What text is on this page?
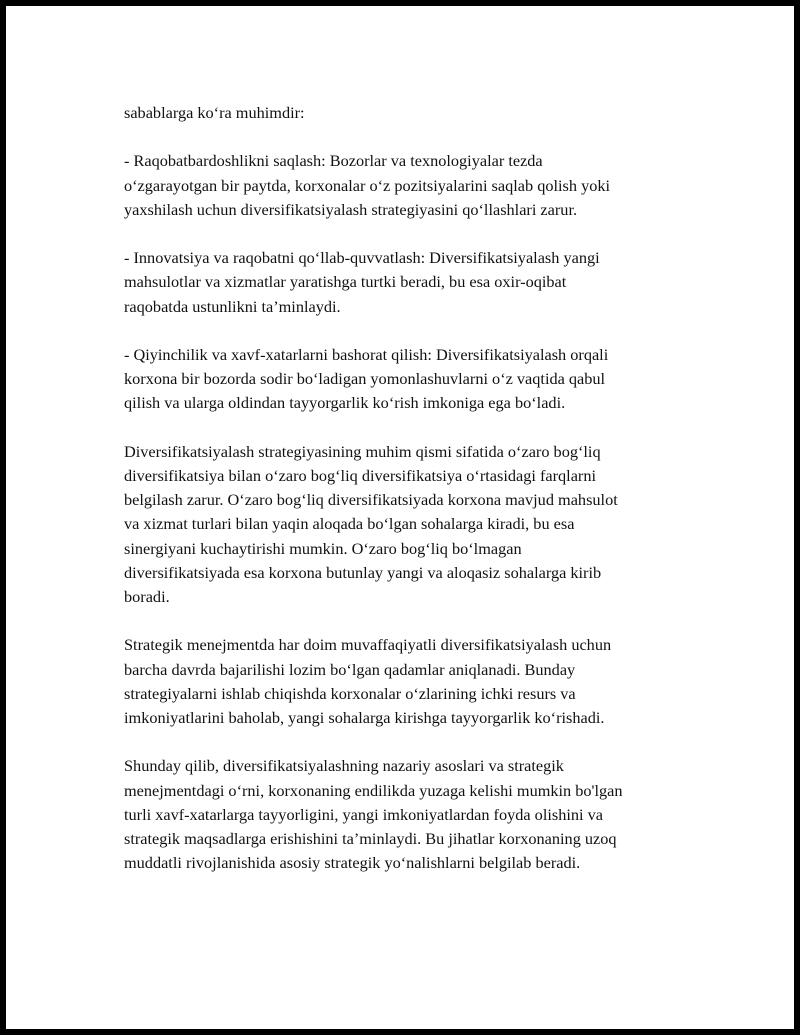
sabablarga ko‘ra muhimdir:

- Raqobatbardoshlikni saqlash: Bozorlar va texnologiyalar tezda
o‘zgarayotgan bir paytda, korxonalar o‘z pozitsiyalarini saqlab qolish yoki
yaxshilash uchun diversifikatsiyalash strategiyasini qo‘llashlari zarur.

- Innovatsiya va raqobatni qo‘llab-quvvatlash: Diversifikatsiyalash yangi
mahsulotlar va xizmatlar yaratishga turtki beradi, bu esa oxir-oqibat
raqobatda ustunlikni ta’minlaydi.

- Qiyinchilik va xavf-xatarlarni bashorat qilish: Diversifikatsiyalash orqali
korxona bir bozorda sodir bo‘ladigan yomonlashuvlarni o‘z vaqtida qabul
qilish va ularga oldindan tayyorgarlik ko‘rish imkoniga ega bo‘ladi.

Diversifikatsiyalash strategiyasining muhim qismi sifatida o‘zaro bog‘liq
diversifikatsiya bilan o‘zaro bog‘liq diversifikatsiya o‘rtasidagi farqlarni
belgilash zarur. O‘zaro bog‘liq diversifikatsiyada korxona mavjud mahsulot
va xizmat turlari bilan yaqin aloqada bo‘lgan sohalarga kiradi, bu esa
sinergiyani kuchaytirishi mumkin. O‘zaro bog‘liq bo‘lmagan
diversifikatsiyada esa korxona butunlay yangi va aloqasiz sohalarga kirib
boradi.

Strategik menejmentda har doim muvaffaqiyatli diversifikatsiyalash uchun
barcha davrda bajarilishi lozim bo‘lgan qadamlar aniqlanadi. Bunday
strategiyalarni ishlab chiqishda korxonalar o‘zlarining ichki resurs va
imkoniyatlarini baholab, yangi sohalarga kirishga tayyorgarlik ko‘rishadi.

Shunday qilib, diversifikatsiyalashning nazariy asoslari va strategik
menejmentdagi o‘rni, korxonaning endilikda yuzaga kelishi mumkin bo'lgan
turli xavf-xatarlarga tayyorligini, yangi imkoniyatlardan foyda olishini va
strategik maqsadlarga erishishini ta’minlaydi. Bu jihatlar korxonaning uzoq
muddatli rivojlanishida asosiy strategik yo‘nalishlarni belgilab beradi.
